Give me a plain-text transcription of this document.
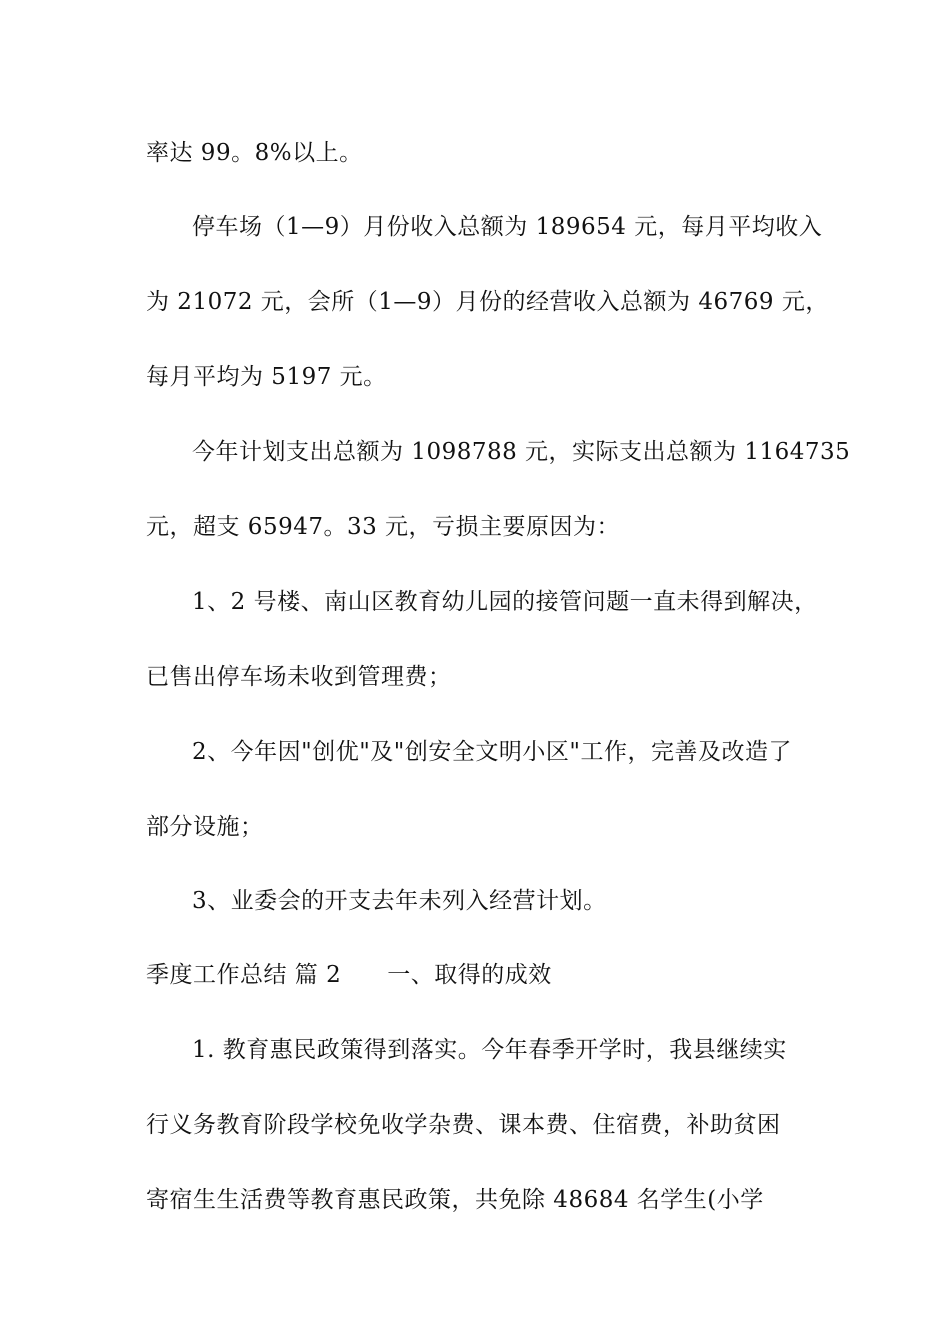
率达 99。8%以上。
停车场（1—9）月份收入总额为 189654 元，每月平均收入
为 21072 元，会所（1—9）月份的经营收入总额为 46769 元，
每月平均为 5197 元。
今年计划支出总额为 1098788 元，实际支出总额为 1164735
元，超支 65947。33 元，亏损主要原因为：
1、2 号楼、南山区教育幼儿园的接管问题一直未得到解决，
已售出停车场未收到管理费；
2、今年因"创优"及"创安全文明小区"工作，完善及改造了
部分设施；
3、业委会的开支去年未列入经营计划。
季度工作总结 篇 2 一、取得的成效
1. 教育惠民政策得到落实。今年春季开学时，我县继续实
行义务教育阶段学校免收学杂费、课本费、住宿费，补助贫困
寄宿生生活费等教育惠民政策，共免除 48684 名学生(小学
